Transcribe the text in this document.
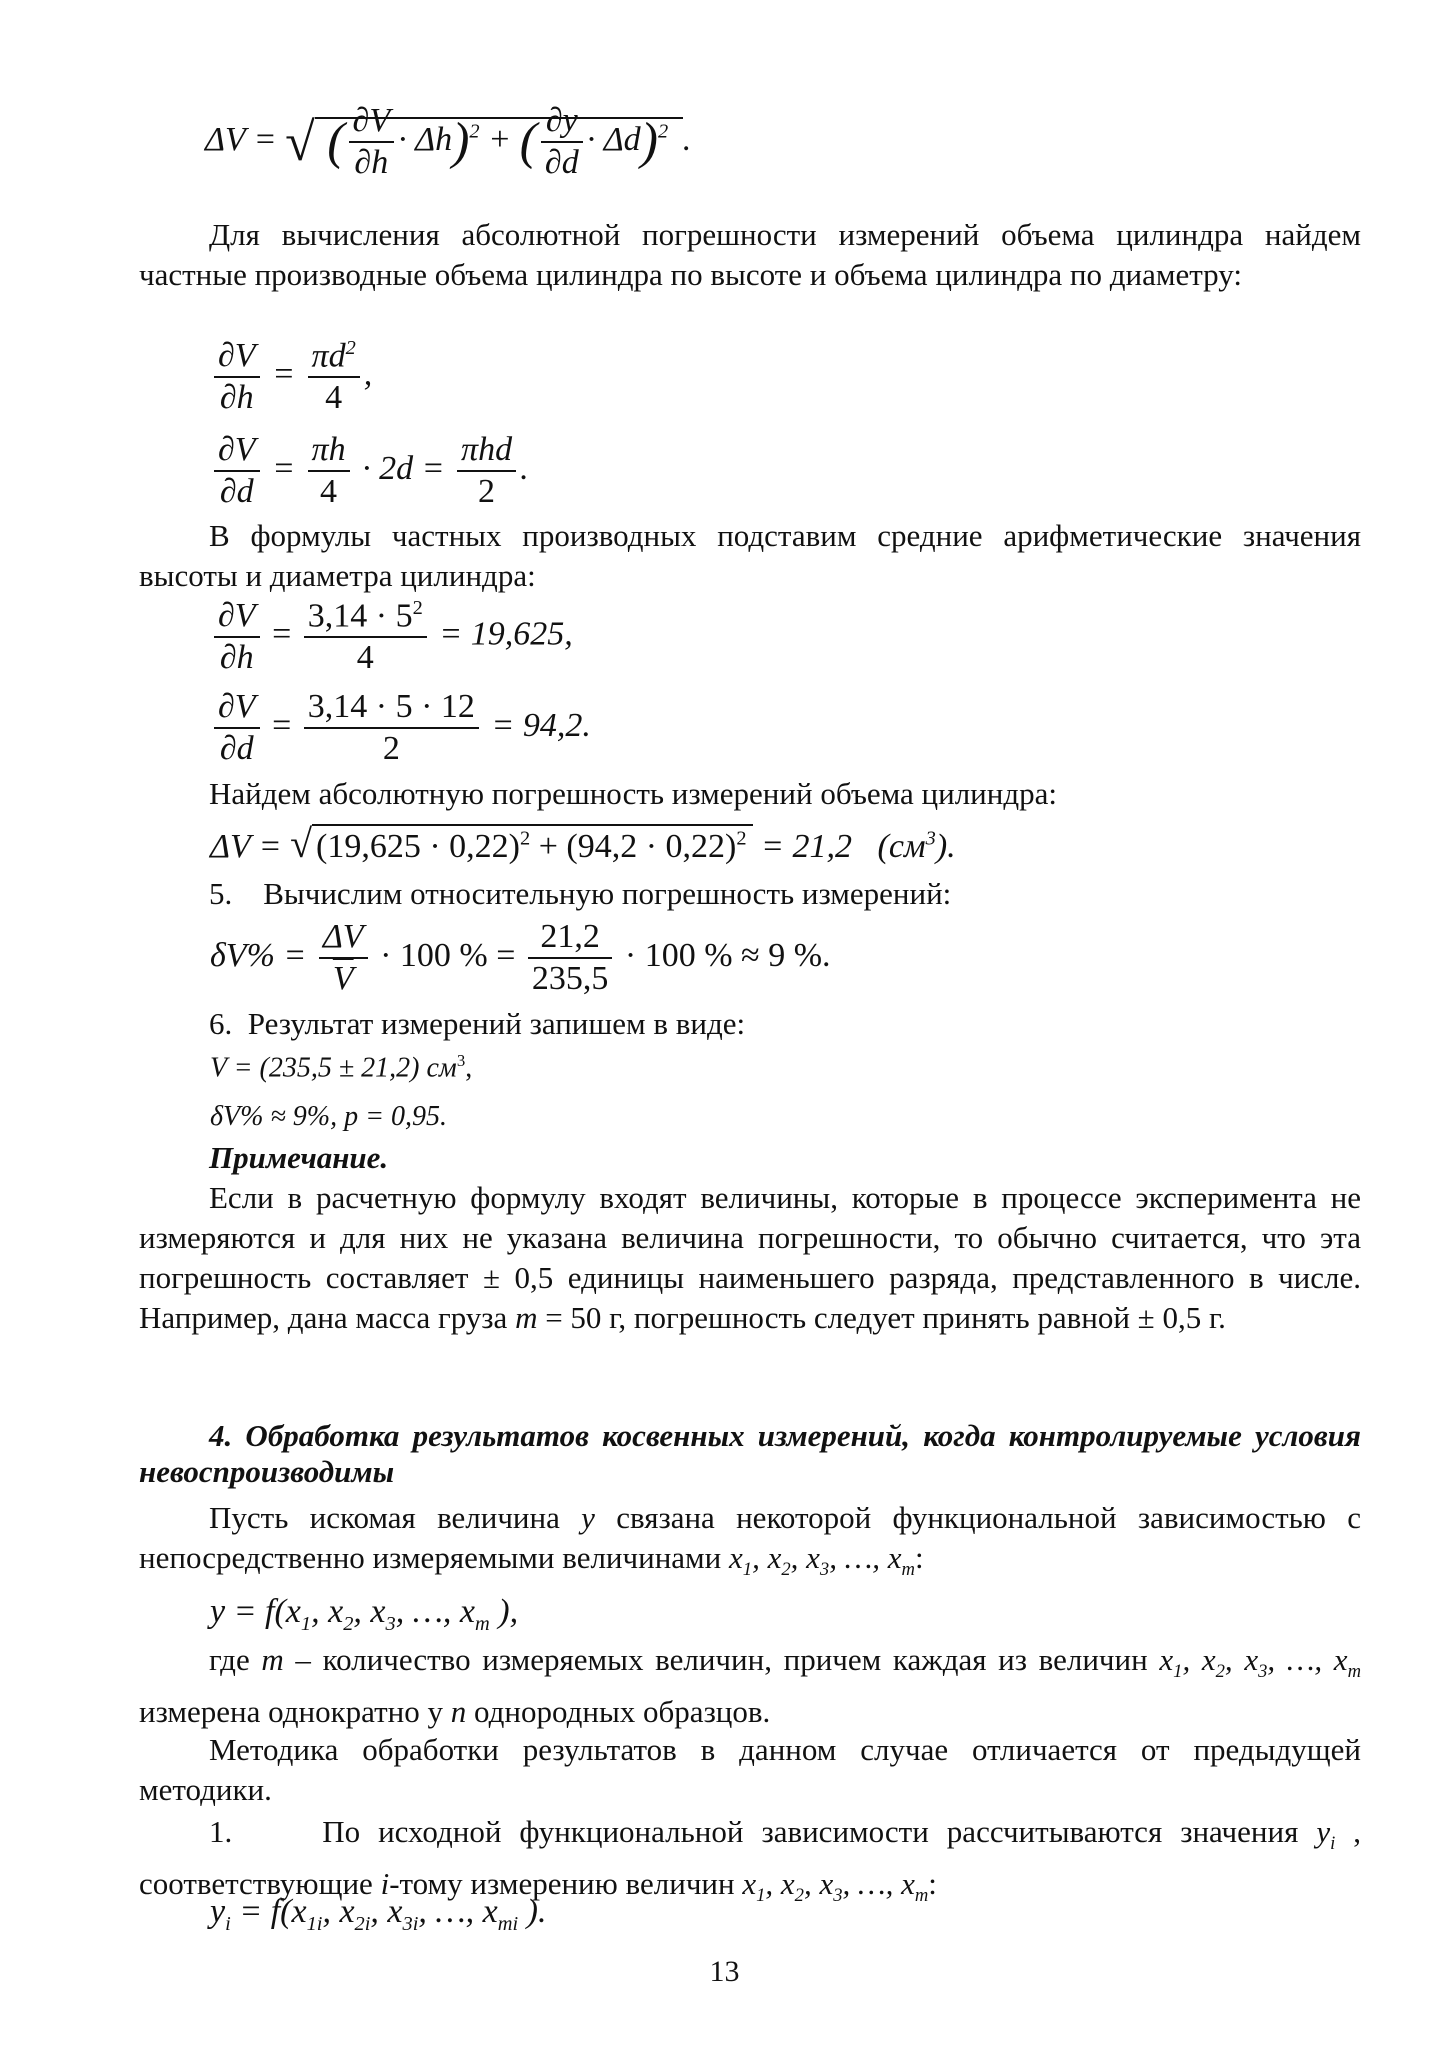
ΔV = √ ( $\frac{\partial V}{\partial h} \cdot \Delta h)^2$ + ( $\frac{\partial y}{\partial d} \cdot \Delta d)^2$ .
Для вычисления абсолютной погрешности измерений объема цилиндра найдем частные производные объема цилиндра по высоте и объема цилиндра по диаметру:
$\frac{\partial V}{\partial h} = \frac{\pi d^2}{4}$ ,
$\frac{\partial V}{\partial d} = \frac{\pi h}{4} \cdot 2d = \frac{\text{πhd}}{2}$ .
В формулы частных производных подставим средние арифметические значения высоты и диаметра цилиндра:
$\frac{\partial V}{\partial h} = \frac{3,14 \cdot 5^2}{4} = 19,625$,
$\frac{\partial V}{\partial d} = \frac{3,14 \cdot 5 \cdot 12}{2} = 94,2$.
Найдем абсолютную погрешность измерений объема цилиндра:
ΔV = √ $(19,625 \cdot 0,22)^2 + (94,2 \cdot 0,22)^2 = 21,2$ $(см^3)$.
5. Вычислим относительную погрешность измерений:
$\delta V\% = \frac{\Delta V}{V} \cdot 100$ % = $\frac{21,2}{235,5} \cdot 100$ % ≈ 9 %.
6. Результат измерений запишем в виде:
V = (235,5 ± 21,2) $см^3$,
δV% ≈ 9%, p = 0,95.
Примечание.
Если в расчетную формулу входят величины, которые в процессе эксперимента не измеряются и для них не указана величина погрешности, то обычно считается, что эта погрешность составляет ± 0,5 единицы наименьшего разряда, представленного в числе. Например, дана масса груза m = 50 г, погрешность следует принять равной ± 0,5 г.
4. Обработка результатов косвенных измерений, когда контролируемые условия невоспроизводимы
Пусть искомая величина y связана некоторой функциональной зависимостью с непосредственно измеряемыми величинами $x_1$, $x_2$, $x_3$, …, $x_m$:
$y = f(x_1$, $x_2$, $x_3$, …, $x_m$ ),
где m – количество измеряемых величин, причем каждая из величин $x_1$, $x_2$, $x_3$, …, $x_m$ измерена однократно у n однородных образцов.
Методика обработки результатов в данном случае отличается от предыдущей методики.
1.	По исходной функциональной зависимости рассчитываются значения $y_i$ , соответствующие i-тому измерению величин $x_1$, $x_2$, $x_3$, …, $x_m$:
$y_i = f(x_{1i}$, $x_{2i}$, $x_{3i}$, …, $x_{mi}$ ).
13
